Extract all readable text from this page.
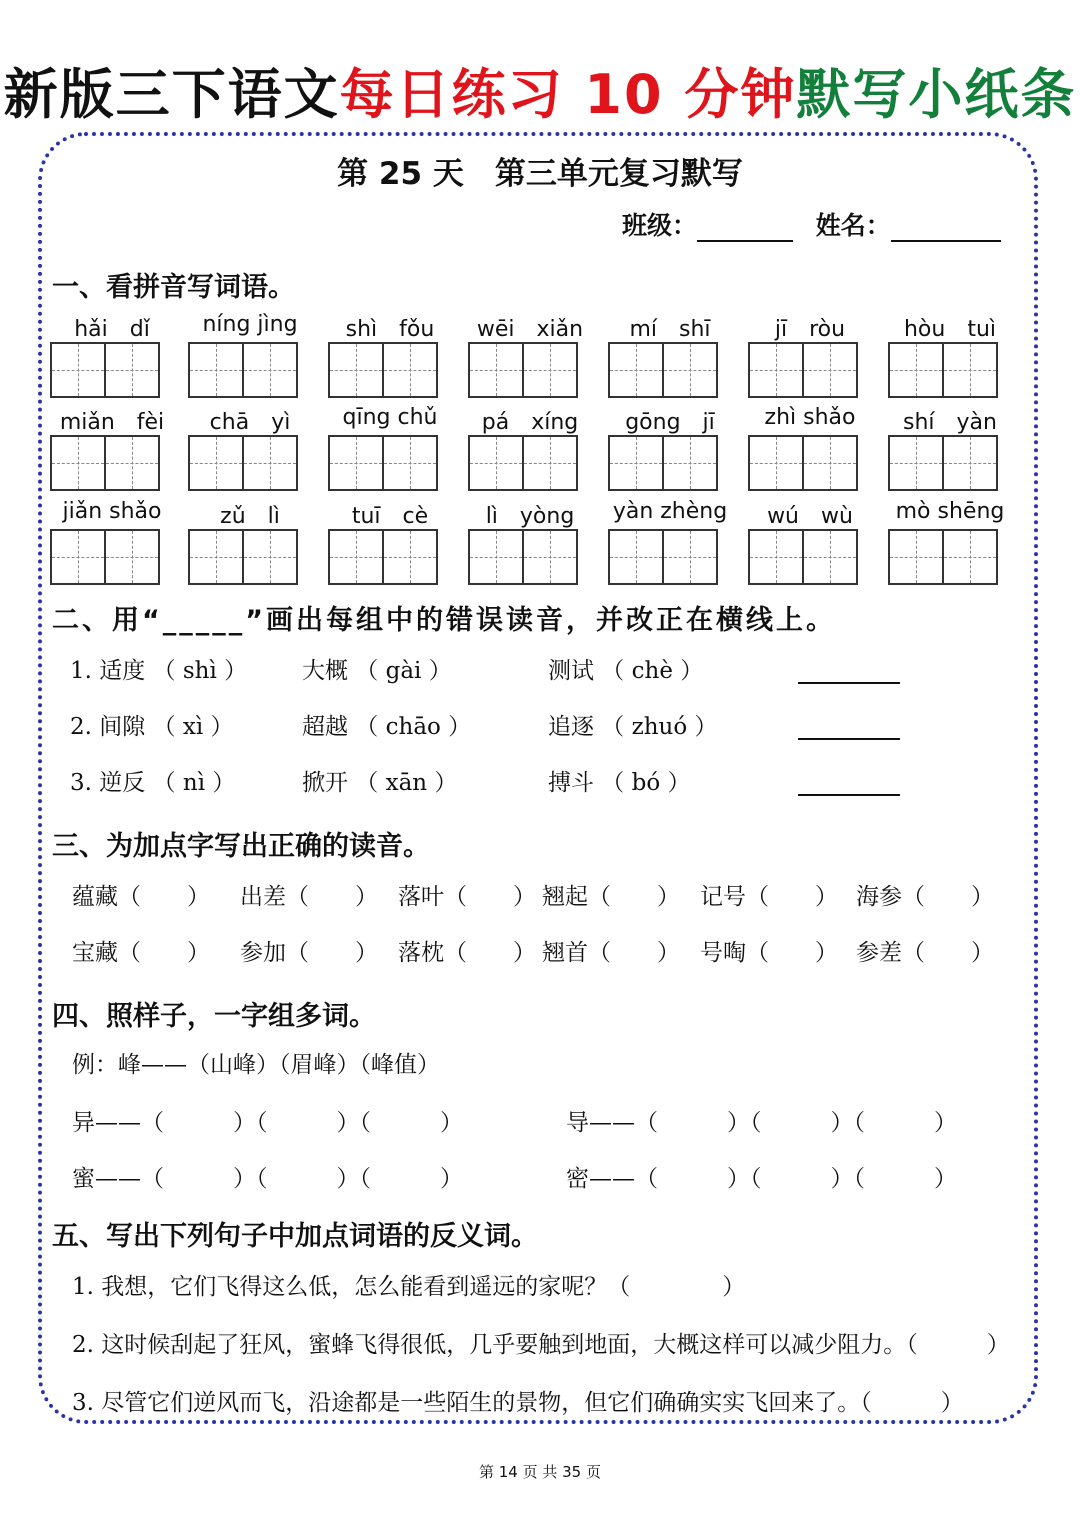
新版三下语文每日练习 10 分钟默写小纸条
第 25 天　第三单元复习默写
班级：	姓名：
一、看拼音写词语。
hǎi　dǐ	níng jìng	shì　fǒu	wēi　xiǎn	mí　shī	jī　ròu	hòu　tuì
miǎn　fèi	chā　yì	qīng chǔ	pá　xíng	gōng　jī	zhì shǎo	shí　yàn
jiǎn shǎo	zǔ　lì	tuī　cè	lì　yòng	yàn zhèng	wú　wù	mò shēng
二、用“_____”画出每组中的错误读音，并改正在横线上。
1. 适度 （ shì ） 大概 （ gài ）	测试 （ chè ）
2. 间隙 （ xì ）	超越 （ chāo ）	追逐 （ zhuó ）
3. 逆反 （ nì ）	掀开 （ xān ）	搏斗 （ bó ）
三、为加点字写出正确的读音。
蕴藏（　　） 出差（　　） 落叶（　　） 翘起（　　） 记号（　　） 海参（　　）
宝藏（　　） 参加（　　） 落枕（　　） 翘首（　　） 号啕（　　） 参差（　　）
四、照样子，一字组多词。
例：峰——（山峰）（眉峰）（峰值）
异——（　　　）（　　　）（　　　）	导——（　　　）（　　　）（　　　）
蜜——（　　　）（　　　）（　　　）	密——（　　　）（　　　）（　　　）
五、写出下列句子中加点词语的反义词。
1. 我想，它们飞得这么低，怎么能看到遥远的家呢？（　　　　）
2. 这时候刮起了狂风，蜜蜂飞得很低，几乎要触到地面，大概这样可以减少阻力。（　　　）
3. 尽管它们逆风而飞，沿途都是一些陌生的景物，但它们确确实实飞回来了。（　　　）
第 14 页 共 35 页
